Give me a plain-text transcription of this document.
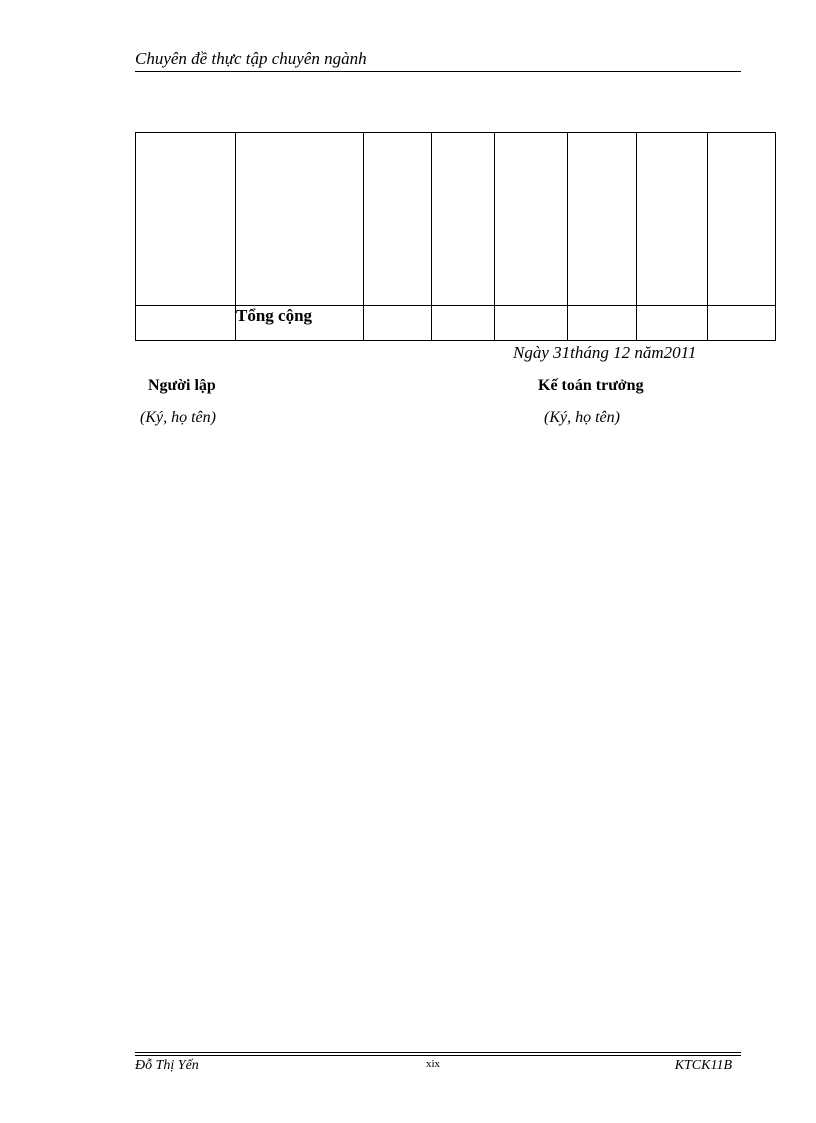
Chuyên đề thực tập chuyên ngành

	Tổng cộng						
Ngày 31tháng 12 năm2011
Người lập
(Ký, họ tên)
Kế toán trưởng
(Ký, họ tên)
Đỗ Thị Yến	xix	KTCK11B
